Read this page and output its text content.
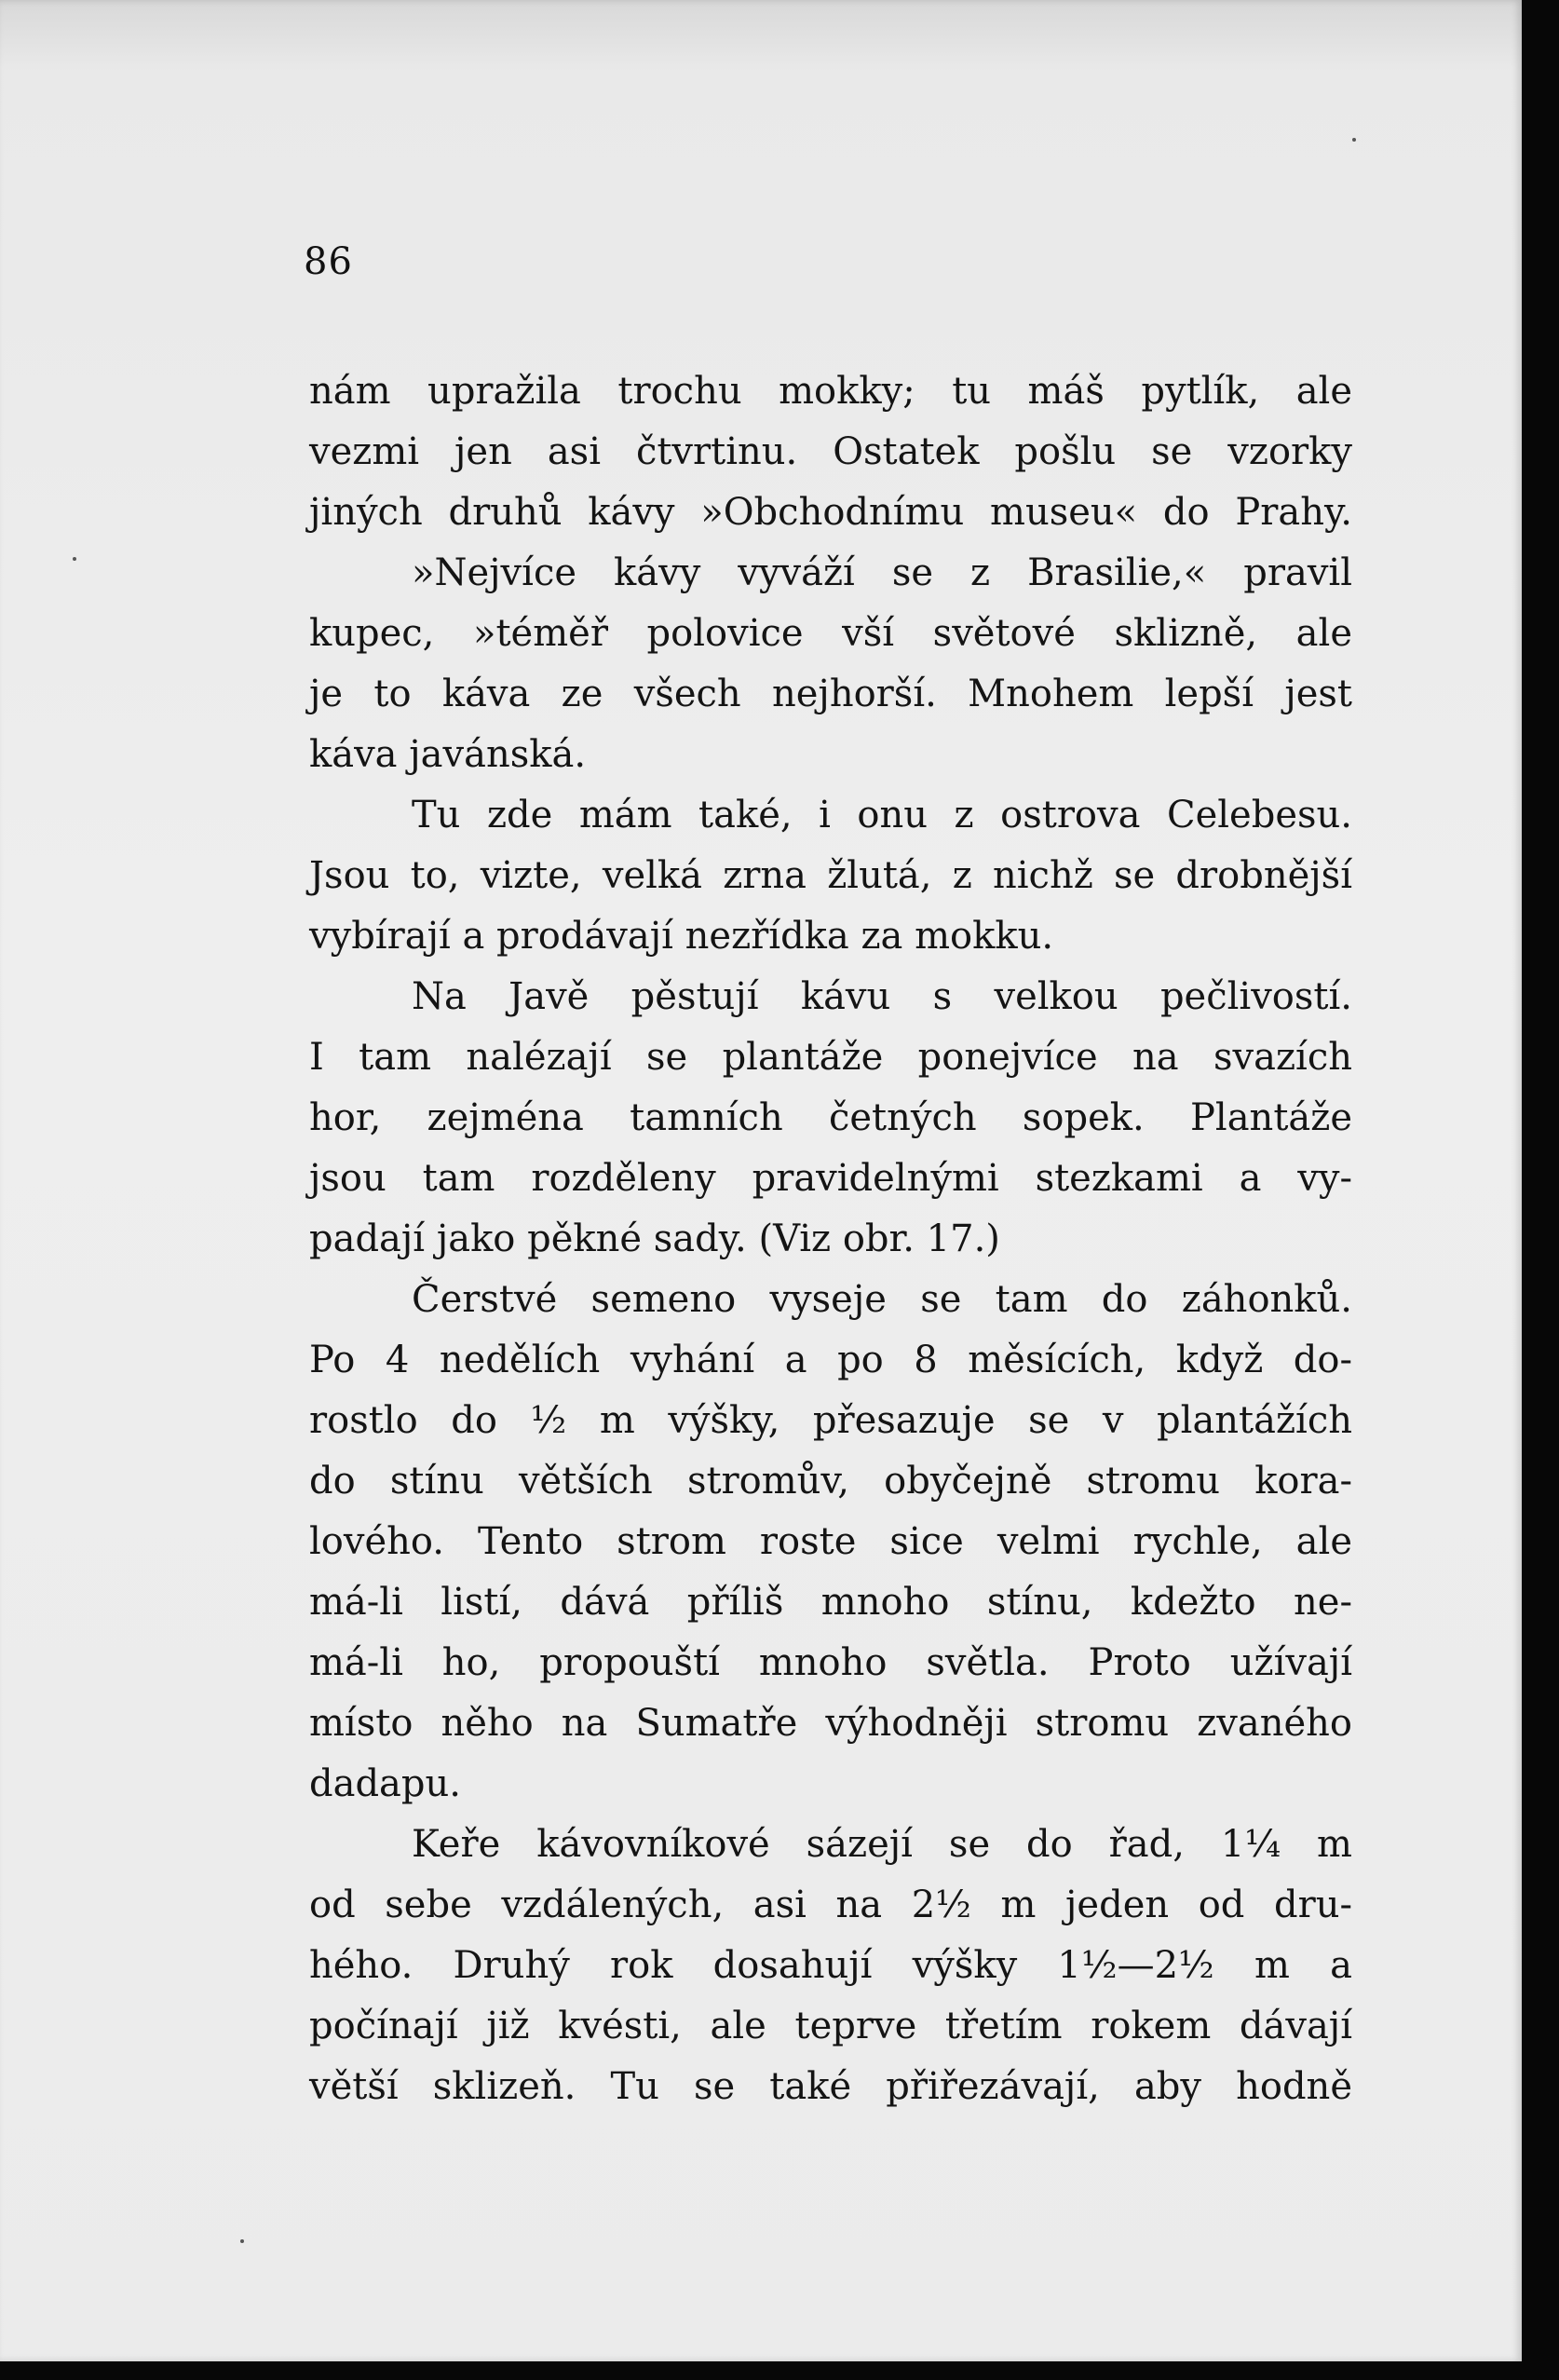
86
nám upražila trochu mokky; tu máš pytlík, ale
vezmi jen asi čtvrtinu. Ostatek pošlu se vzorky
jiných druhů kávy »Obchodnímu museu« do Prahy.
»Nejvíce kávy vyváží se z Brasilie,« pravil
kupec, »téměř polovice vší světové sklizně, ale
je to káva ze všech nejhorší. Mnohem lepší jest
káva javánská.
Tu zde mám také, i onu z ostrova Celebesu.
Jsou to, vizte, velká zrna žlutá, z nichž se drobnější
vybírají a prodávají nezřídka za mokku.
Na Javě pěstují kávu s velkou pečlivostí.
I tam nalézají se plantáže ponejvíce na svazích
hor, zejména tamních četných sopek. Plantáže
jsou tam rozděleny pravidelnými stezkami a vy-
padají jako pěkné sady. (Viz obr. 17.)
Čerstvé semeno vyseje se tam do záhonků.
Po 4 nedělích vyhání a po 8 měsících, když do-
rostlo do ½ m výšky, přesazuje se v plantážích
do stínu větších stromův, obyčejně stromu kora-
lového. Tento strom roste sice velmi rychle, ale
má-li listí, dává příliš mnoho stínu, kdežto ne-
má-li ho, propouští mnoho světla. Proto užívají
místo něho na Sumatře výhodněji stromu zvaného
dadapu.
Keře kávovníkové sázejí se do řad, 1¼ m
od sebe vzdálených, asi na 2½ m jeden od dru-
hého. Druhý rok dosahují výšky 1½—2½ m a
počínají již kvésti, ale teprve třetím rokem dávají
větší sklizeň. Tu se také přiřezávají, aby hodně
